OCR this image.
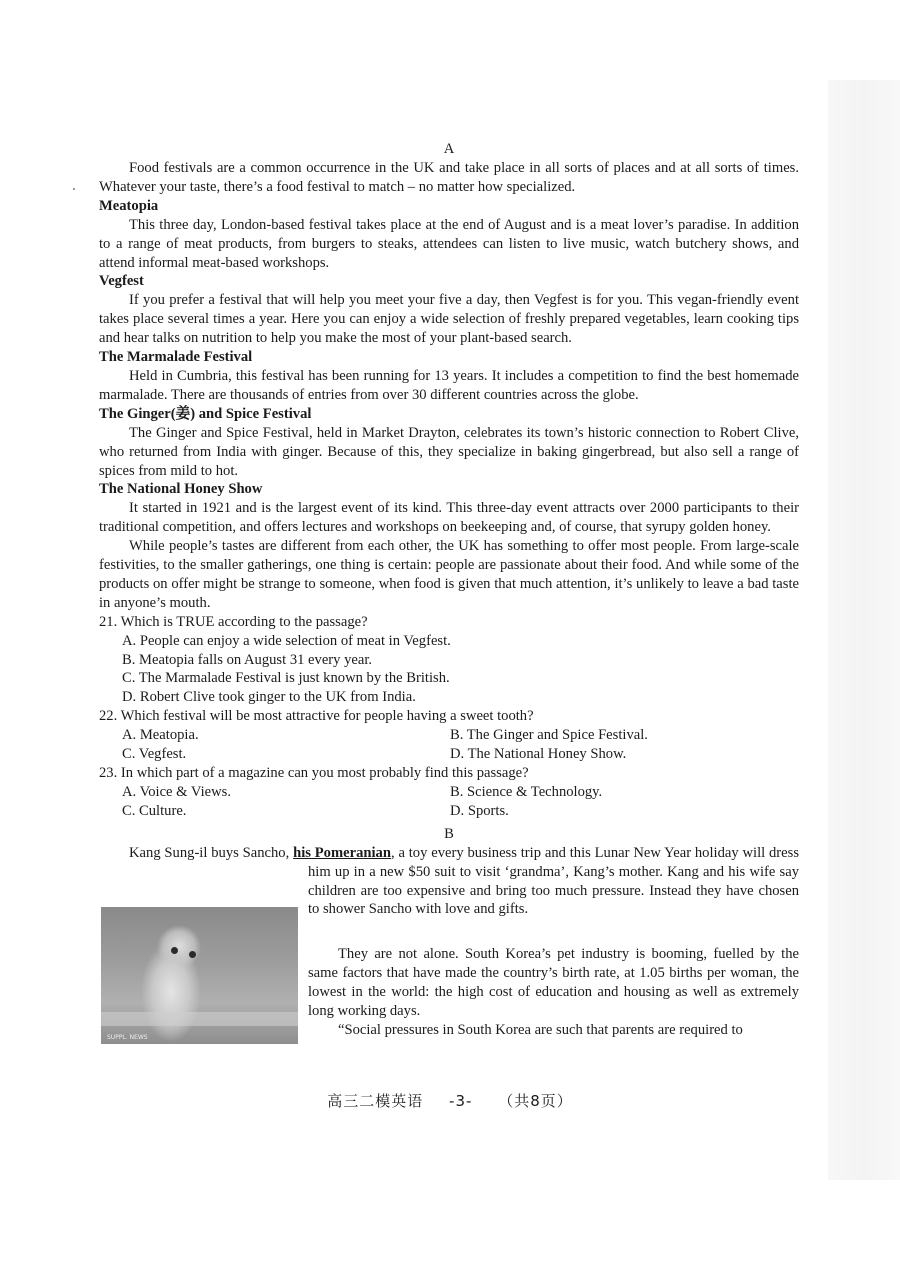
A

Food festivals are a common occurrence in the UK and take place in all sorts of places and at all sorts of times. Whatever your taste, there’s a food festival to match – no matter how specialized.

Meatopia

This three day, London-based festival takes place at the end of August and is a meat lover’s paradise. In addition to a range of meat products, from burgers to steaks, attendees can listen to live music, watch butchery shows, and attend informal meat-based workshops.

Vegfest

If you prefer a festival that will help you meet your five a day, then Vegfest is for you. This vegan-friendly event takes place several times a year. Here you can enjoy a wide selection of freshly prepared vegetables, learn cooking tips and hear talks on nutrition to help you make the most of your plant-based search.

The Marmalade Festival

Held in Cumbria, this festival has been running for 13 years. It includes a competition to find the best homemade marmalade. There are thousands of entries from over 30 different countries across the globe.

The Ginger(姜) and Spice Festival

The Ginger and Spice Festival, held in Market Drayton, celebrates its town’s historic connection to Robert Clive, who returned from India with ginger. Because of this, they specialize in baking gingerbread, but also sell a range of spices from mild to hot.

The National Honey Show

It started in 1921 and is the largest event of its kind. This three-day event attracts over 2000 participants to their traditional competition, and offers lectures and workshops on beekeeping and, of course, that syrupy golden honey.

While people’s tastes are different from each other, the UK has something to offer most people. From large-scale festivities, to the smaller gatherings, one thing is certain: people are passionate about their food. And while some of the products on offer might be strange to someone, when food is given that much attention, it’s unlikely to leave a bad taste in anyone’s mouth.

21. Which is TRUE according to the passage?
A. People can enjoy a wide selection of meat in Vegfest.
B. Meatopia falls on August 31 every year.
C. The Marmalade Festival is just known by the British.
D. Robert Clive took ginger to the UK from India.
22. Which festival will be most attractive for people having a sweet tooth?
A. Meatopia.	B. The Ginger and Spice Festival.
C. Vegfest.	D. The National Honey Show.
23. In which part of a magazine can you most probably find this passage?
A. Voice & Views.	B. Science & Technology.
C. Culture.	D. Sports.
B

Kang Sung-il buys Sancho, his Pomeranian, a toy every business trip and this Lunar New Year holiday will dress him up in a new $50 suit to visit ‘grandma’, Kang’s mother. Kang and his wife say children are too expensive and bring too much pressure. Instead they have chosen to shower Sancho with love and gifts.

SUPPL. NEWS

They are not alone. South Korea’s pet industry is booming, fuelled by the same factors that have made the country’s birth rate, at 1.05 births per woman, the lowest in the world: the high cost of education and housing as well as extremely long working days.

“Social pressures in South Korea are such that parents are required to

高三二模英语 -3- （共8页）
